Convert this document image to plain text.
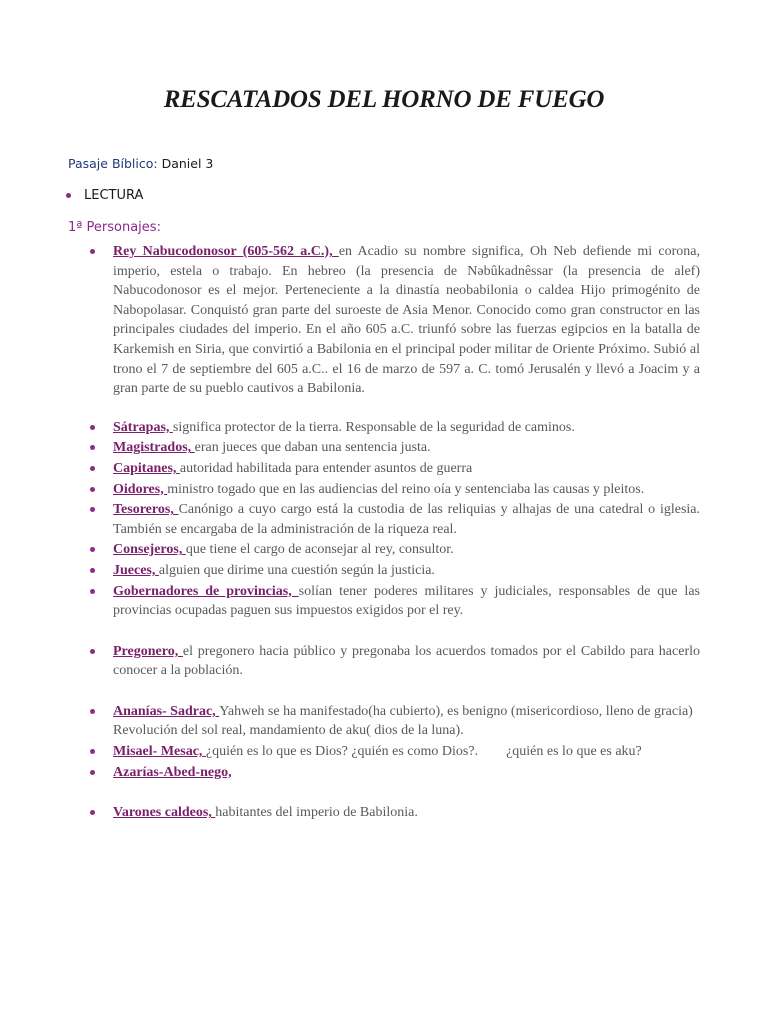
RESCATADOS DEL HORNO DE FUEGO
Pasaje Bíblico: Daniel 3
LECTURA
1ª Personajes:
Rey Nabucodonosor (605-562 a.C.), en Acadio su nombre significa, Oh Neb defiende mi corona, imperio, estela o trabajo. En hebreo (la presencia de Nəbûkadnêssar (la presencia de alef) Nabucodonosor es el mejor. Perteneciente a la dinastía neobabilonia o caldea Hijo primogénito de Nabopolasar. Conquistó gran parte del suroeste de Asia Menor. Conocido como gran constructor en las principales ciudades del imperio. En el año 605 a.C. triunfó sobre las fuerzas egipcios en la batalla de Karkemish en Siria, que convirtió a Babilonia en el principal poder militar de Oriente Próximo. Subió al trono el 7 de septiembre del 605 a.C.. el 16 de marzo de 597 a. C. tomó Jerusalén y llevó a Joacim y a gran parte de su pueblo cautivos a Babilonia.
Sátrapas, significa protector de la tierra. Responsable de la seguridad de caminos.
Magistrados, eran jueces que daban una sentencia justa.
Capitanes, autoridad habilitada para entender asuntos de guerra
Oidores, ministro togado que en las audiencias del reino oía y sentenciaba las causas y pleitos.
Tesoreros, Canónigo a cuyo cargo está la custodia de las reliquias y alhajas de una catedral o iglesia. También se encargaba de la administración de la riqueza real.
Consejeros, que tiene el cargo de aconsejar al rey, consultor.
Jueces, alguien que dirime una cuestión según la justicia.
Gobernadores de provincias, solían tener poderes militares y judiciales, responsables de que las provincias ocupadas paguen sus impuestos exigidos por el rey.
Pregonero, el pregonero hacia público y pregonaba los acuerdos tomados por el Cabildo para hacerlo conocer a la población.
Ananías- Sadrac, Yahweh se ha manifestado(ha cubierto), es benigno (misericordioso, lleno de gracia)
Revolución del sol real, mandamiento de aku( dios de la luna).
Misael- Mesac, ¿quién es lo que es Dios? ¿quién es como Dios?.        ¿quién es lo que es aku?
Azarías-Abed-nego,
Varones caldeos, habitantes del imperio de Babilonia.
